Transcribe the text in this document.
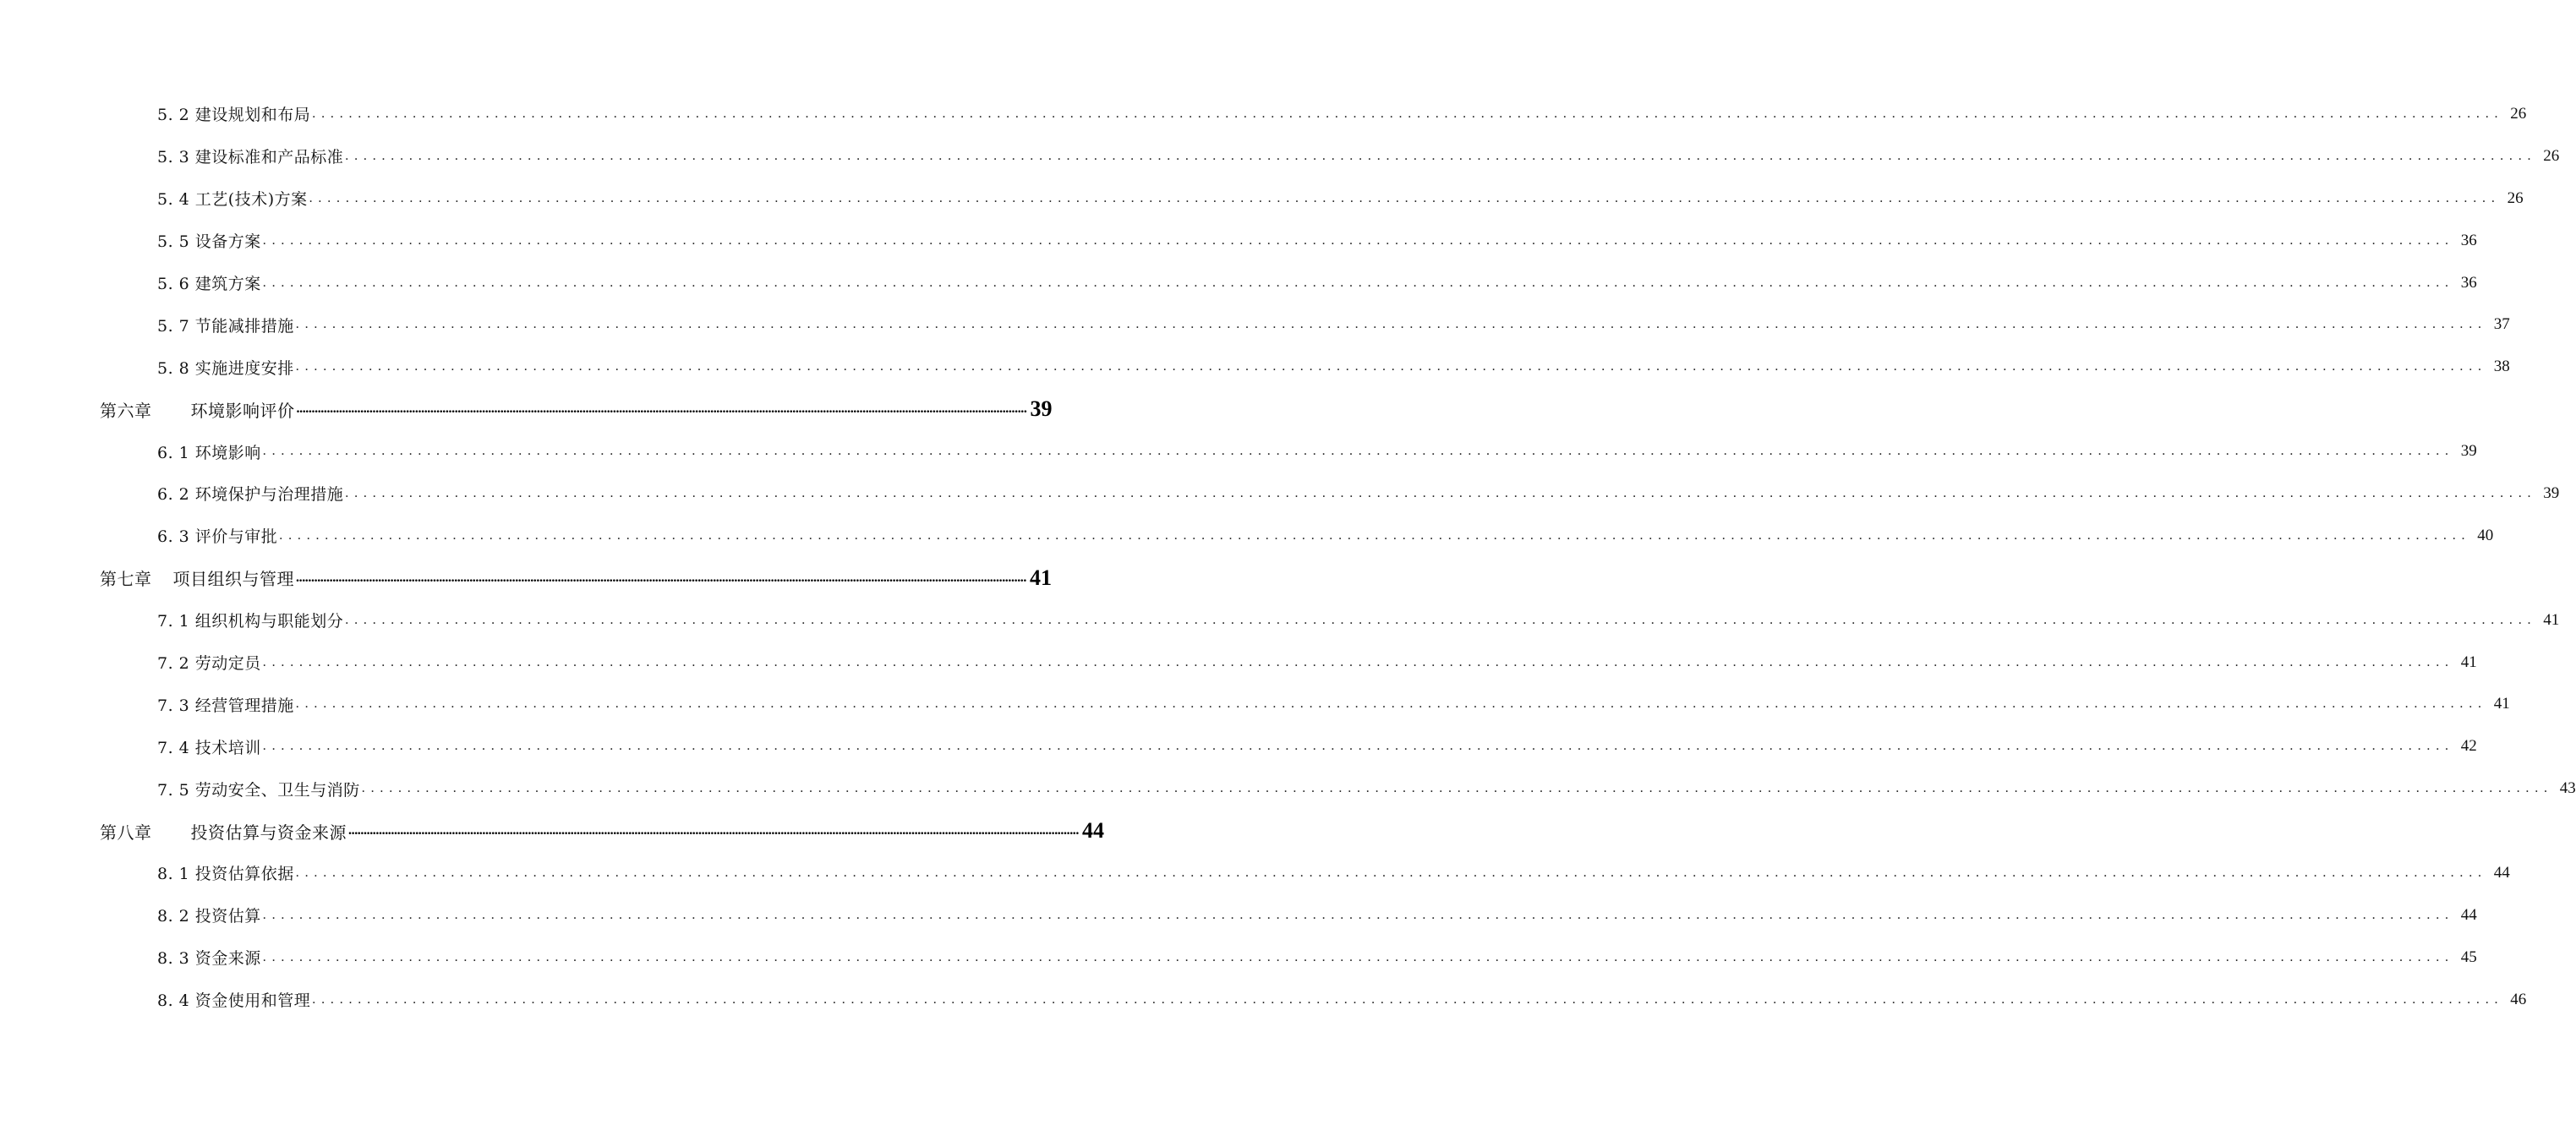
5. 2 建设规划和布局 ................................................................................................................................................................................................................................................ 26
5. 3 建设标准和产品标准 ................................................................................................................................................................................................................................................ 26
5. 4 工艺(技术)方案 ................................................................................................................................................................................................................................................ 26
5. 5 设备方案 ................................................................................................................................................................................................................................................ 36
5. 6 建筑方案 ................................................................................................................................................................................................................................................ 36
5. 7 节能减排措施 ................................................................................................................................................................................................................................................ 37
5. 8 实施进度安排 ................................................................................................................................................................................................................................................ 38
第六章 环境影响评价 ................................................................................................................................................................................................................................................ 39
6. 1 环境影响 ................................................................................................................................................................................................................................................ 39
6. 2 环境保护与治理措施 ................................................................................................................................................................................................................................................ 39
6. 3 评价与审批 ................................................................................................................................................................................................................................................ 40
第七章 项目组织与管理 ................................................................................................................................................................................................................................................ 41
7. 1 组织机构与职能划分 ................................................................................................................................................................................................................................................ 41
7. 2 劳动定员 ................................................................................................................................................................................................................................................ 41
7. 3 经营管理措施 ................................................................................................................................................................................................................................................ 41
7. 4 技术培训 ................................................................................................................................................................................................................................................ 42
7. 5 劳动安全、卫生与消防 ................................................................................................................................................................................................................................................ 43
第八章 投资估算与资金来源 ................................................................................................................................................................................................................................................ 44
8. 1 投资估算依据 ................................................................................................................................................................................................................................................ 44
8. 2 投资估算 ................................................................................................................................................................................................................................................ 44
8. 3 资金来源 ................................................................................................................................................................................................................................................ 45
8. 4 资金使用和管理 ................................................................................................................................................................................................................................................ 46
